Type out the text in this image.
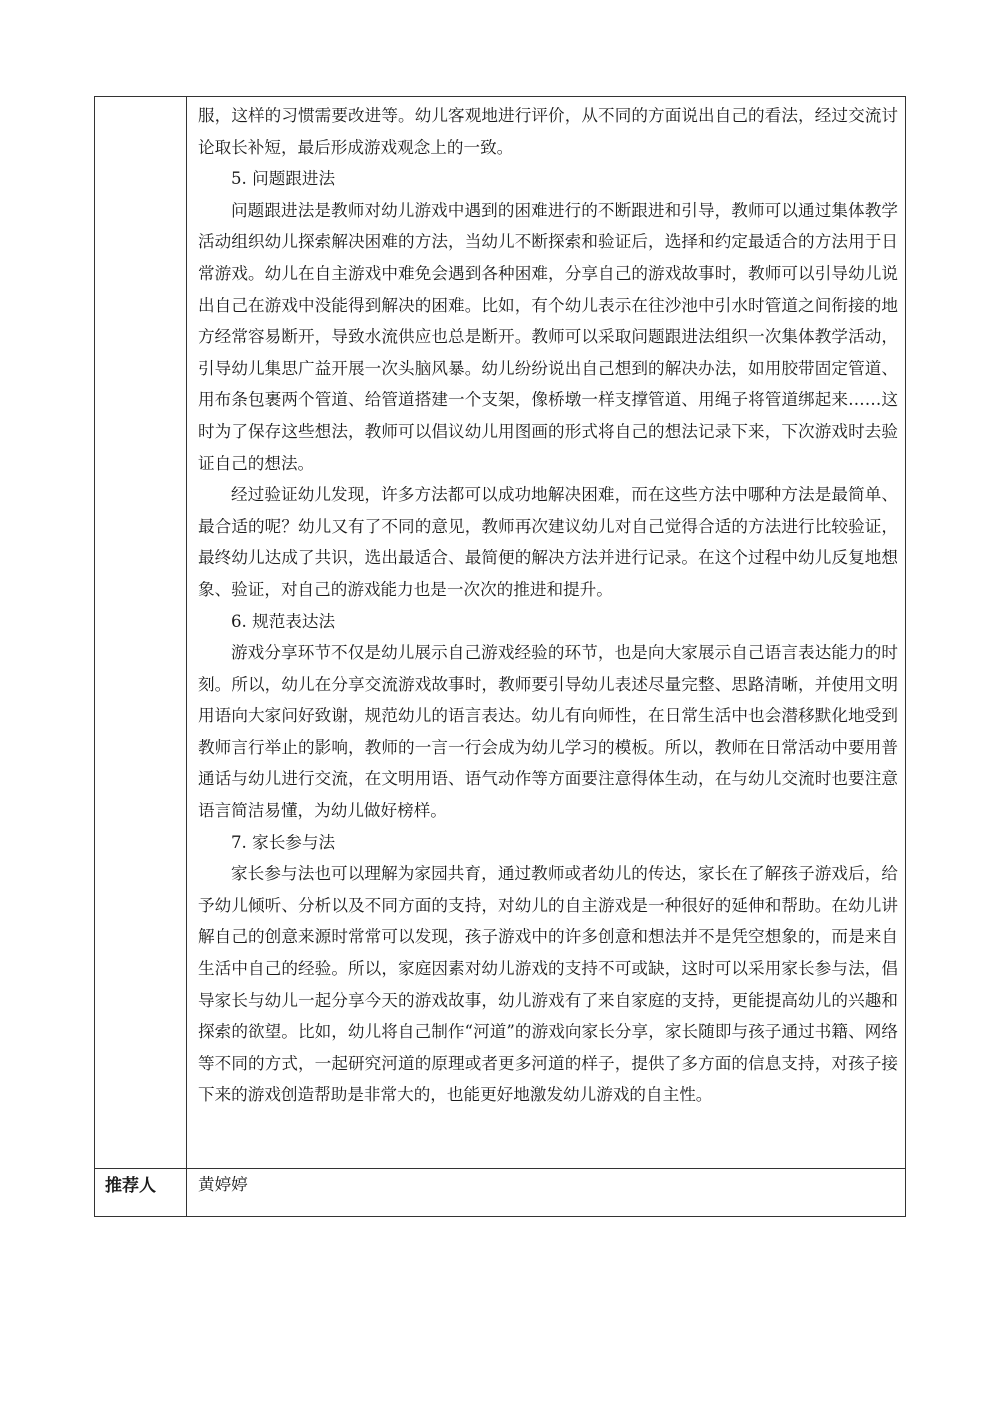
服，这样的习惯需要改进等。幼儿客观地进行评价，从不同的方面说出自己的看法，经过交流讨论取长补短，最后形成游戏观念上的一致。

5. 问题跟进法

问题跟进法是教师对幼儿游戏中遇到的困难进行的不断跟进和引导，教师可以通过集体教学活动组织幼儿探索解决困难的方法，当幼儿不断探索和验证后，选择和约定最适合的方法用于日常游戏。幼儿在自主游戏中难免会遇到各种困难，分享自己的游戏故事时，教师可以引导幼儿说出自己在游戏中没能得到解决的困难。比如，有个幼儿表示在往沙池中引水时管道之间衔接的地方经常容易断开，导致水流供应也总是断开。教师可以采取问题跟进法组织一次集体教学活动，引导幼儿集思广益开展一次头脑风暴。幼儿纷纷说出自己想到的解决办法，如用胶带固定管道、用布条包裹两个管道、给管道搭建一个支架，像桥墩一样支撑管道、用绳子将管道绑起来……这时为了保存这些想法，教师可以倡议幼儿用图画的形式将自己的想法记录下来，下次游戏时去验证自己的想法。

经过验证幼儿发现，许多方法都可以成功地解决困难，而在这些方法中哪种方法是最简单、最合适的呢？幼儿又有了不同的意见，教师再次建议幼儿对自己觉得合适的方法进行比较验证，最终幼儿达成了共识，选出最适合、最简便的解决方法并进行记录。在这个过程中幼儿反复地想象、验证，对自己的游戏能力也是一次次的推进和提升。

6. 规范表达法

游戏分享环节不仅是幼儿展示自己游戏经验的环节，也是向大家展示自己语言表达能力的时刻。所以，幼儿在分享交流游戏故事时，教师要引导幼儿表述尽量完整、思路清晰，并使用文明用语向大家问好致谢，规范幼儿的语言表达。幼儿有向师性，在日常生活中也会潜移默化地受到教师言行举止的影响，教师的一言一行会成为幼儿学习的模板。所以，教师在日常活动中要用普通话与幼儿进行交流，在文明用语、语气动作等方面要注意得体生动，在与幼儿交流时也要注意语言简洁易懂，为幼儿做好榜样。

7. 家长参与法

家长参与法也可以理解为家园共育，通过教师或者幼儿的传达，家长在了解孩子游戏后，给予幼儿倾听、分析以及不同方面的支持，对幼儿的自主游戏是一种很好的延伸和帮助。在幼儿讲解自己的创意来源时常常可以发现，孩子游戏中的许多创意和想法并不是凭空想象的，而是来自生活中自己的经验。所以，家庭因素对幼儿游戏的支持不可或缺，这时可以采用家长参与法，倡导家长与幼儿一起分享今天的游戏故事，幼儿游戏有了来自家庭的支持，更能提高幼儿的兴趣和探索的欲望。比如，幼儿将自己制作“河道”的游戏向家长分享，家长随即与孩子通过书籍、网络等不同的方式，一起研究河道的原理或者更多河道的样子，提供了多方面的信息支持，对孩子接下来的游戏创造帮助是非常大的，也能更好地激发幼儿游戏的自主性。

推荐人	黄婷婷
